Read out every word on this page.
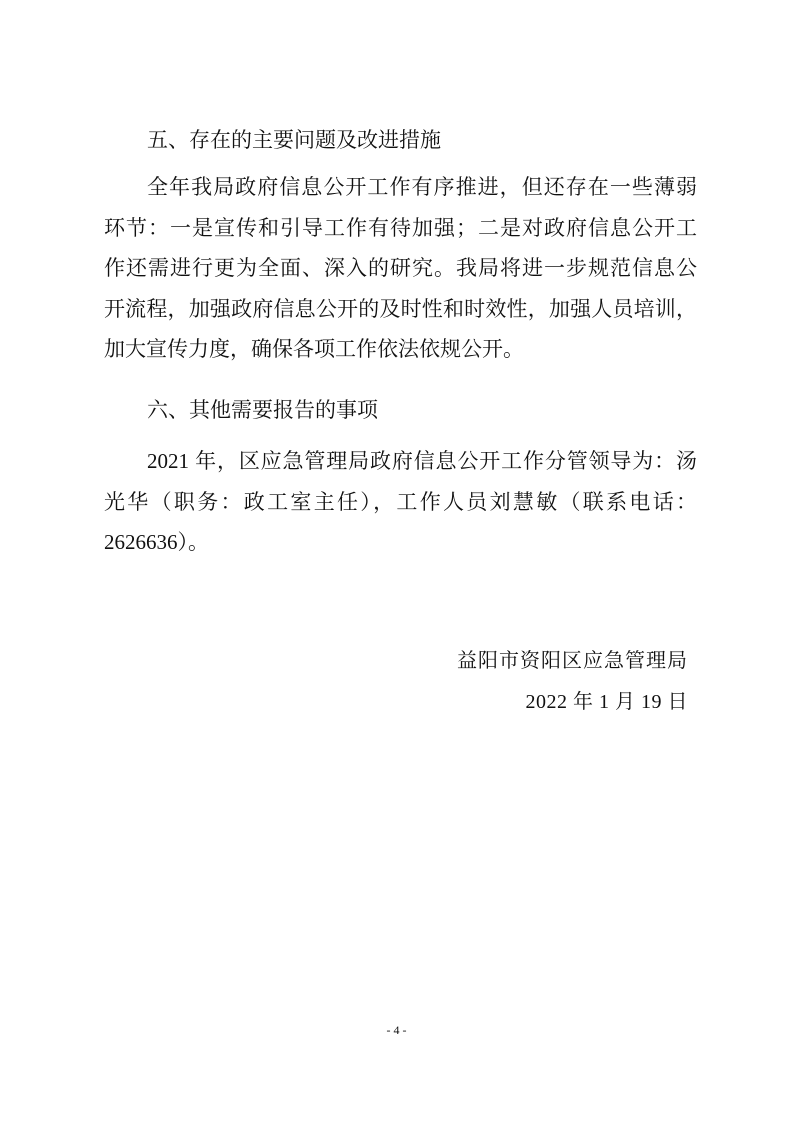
五、存在的主要问题及改进措施
全年我局政府信息公开工作有序推进，但还存在一些薄弱
环节：一是宣传和引导工作有待加强；二是对政府信息公开工
作还需进行更为全面、深入的研究。我局将进一步规范信息公
开流程，加强政府信息公开的及时性和时效性，加强人员培训，
加大宣传力度，确保各项工作依法依规公开。
六、其他需要报告的事项
2021 年，区应急管理局政府信息公开工作分管领导为：汤
光华（职务：政工室主任），工作人员刘慧敏（联系电话：
2626636）。
益阳市资阳区应急管理局
2022 年 1 月 19 日
- 4 -
